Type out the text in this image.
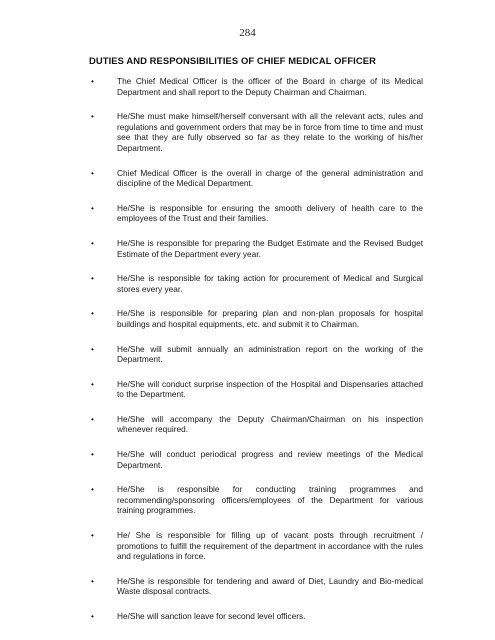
284
DUTIES AND RESPONSIBILITIES OF CHIEF MEDICAL OFFICER
•	The Chief Medical Officer is the officer of the Board in charge of its Medical Department and shall report to the Deputy Chairman and Chairman.
•	He/She must make himself/herself conversant with all the relevant acts, rules and regulations and government orders that may be in force from time to time and must see that they are fully observed so far as they relate to the working of his/her Department.
•	Chief Medical Officer is the overall in charge of the general administration and discipline of the Medical Department.
•	He/She is responsible for ensuring the smooth delivery of health care to the employees of the Trust and their families.
•	He/She is responsible for preparing the Budget Estimate and the Revised Budget Estimate of the Department every year.
•	He/She is responsible for taking action for procurement of Medical and Surgical stores every year.
•	He/She is responsible for preparing plan and non-plan proposals for hospital buildings and hospital equipments, etc. and submit it to Chairman.
•	He/She will submit annually an administration report on the working of the Department.
•	He/She will conduct surprise inspection of the Hospital and Dispensaries attached to the Department.
•	He/She will accompany the Deputy Chairman/Chairman on his inspection whenever required.
•	He/She will conduct periodical progress and review meetings of the Medical Department.
•	He/She is responsible for conducting training programmes and recommending/sponsoring officers/employees of the Department for various training programmes.
•	He/ She is responsible for filling up of vacant posts through recruitment / promotions to fulfill the requirement of the department in accordance with the rules and regulations in force.
•	He/She is responsible for tendering and award of Diet, Laundry and Bio-medical Waste disposal contracts.
•	He/She will sanction leave for second level officers.
